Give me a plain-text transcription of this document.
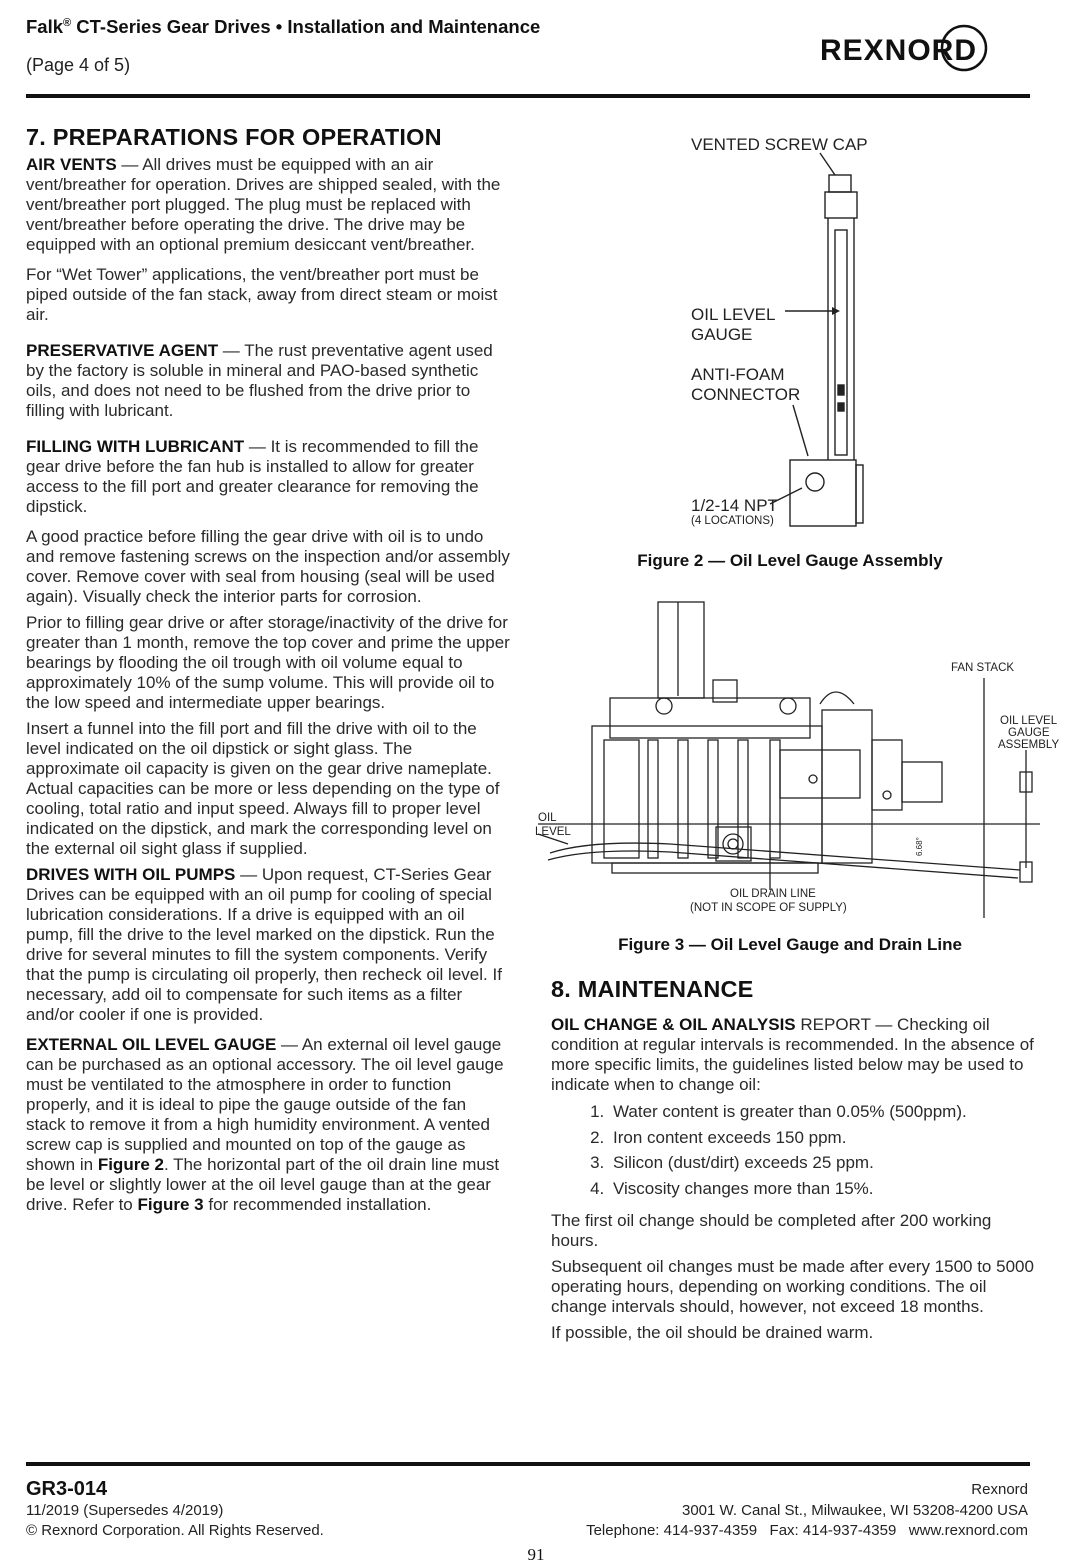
Falk® CT-Series Gear Drives • Installation and Maintenance
(Page 4 of 5)	REXNORD
7. PREPARATIONS FOR OPERATION

AIR VENTS — All drives must be equipped with an air vent/breather for operation. Drives are shipped sealed, with the vent/breather port plugged. The plug must be replaced with vent/breather before operating the drive. The drive may be equipped with an optional premium desiccant vent/breather.

For “Wet Tower” applications, the vent/breather port must be piped outside of the fan stack, away from direct steam or moist air.

PRESERVATIVE AGENT — The rust preventative agent used by the factory is soluble in mineral and PAO-based synthetic oils, and does not need to be flushed from the drive prior to filling with lubricant.

FILLING WITH LUBRICANT — It is recommended to fill the gear drive before the fan hub is installed to allow for greater access to the fill port and greater clearance for removing the dipstick.

A good practice before filling the gear drive with oil is to undo and remove fastening screws on the inspection and/or assembly cover. Remove cover with seal from housing (seal will be used again). Visually check the interior parts for corrosion.

Prior to filling gear drive or after storage/inactivity of the drive for greater than 1 month, remove the top cover and prime the upper bearings by flooding the oil trough with oil volume equal to approximately 10% of the sump volume. This will provide oil to the low speed and intermediate upper bearings.

Insert a funnel into the fill port and fill the drive with oil to the level indicated on the oil dipstick or sight glass. The approximate oil capacity is given on the gear drive nameplate. Actual capacities can be more or less depending on the type of cooling, total ratio and input speed. Always fill to proper level indicated on the dipstick, and mark the corresponding level on the external oil sight glass if supplied.

DRIVES WITH OIL PUMPS — Upon request, CT-Series Gear Drives can be equipped with an oil pump for cooling of special lubrication considerations. If a drive is equipped with an oil pump, fill the drive to the level marked on the dipstick. Run the drive for several minutes to fill the system components. Verify that the pump is circulating oil properly, then recheck oil level. If necessary, add oil to compensate for such items as a filter and/or cooler if one is provided.

EXTERNAL OIL LEVEL GAUGE — An external oil level gauge can be purchased as an optional accessory. The oil level gauge must be ventilated to the atmosphere in order to function properly, and it is ideal to pipe the gauge outside of the fan stack to remove it from a high humidity environment. A vented screw cap is supplied and mounted on top of the gauge as shown in Figure 2. The horizontal part of the oil drain line must be level or slightly lower at the oil level gauge than at the gear drive. Refer to Figure 3 for recommended installation.

VENTED SCREW CAP
OIL LEVEL
GAUGE
ANTI-FOAM
CONNECTOR
1/2-14 NPT
(4 LOCATIONS)
Figure 2 — Oil Level Gauge Assembly
FAN STACK
OIL LEVEL
GAUGE
ASSEMBLY
OIL
LEVEL
OIL DRAIN LINE
(NOT IN SCOPE OF SUPPLY)
6.68°
Figure 3 — Oil Level Gauge and Drain Line
8. MAINTENANCE

OIL CHANGE & OIL ANALYSIS REPORT — Checking oil condition at regular intervals is recommended. In the absence of more specific limits, the guidelines listed below may be used to indicate when to change oil:

1. Water content is greater than 0.05% (500ppm).
2. Iron content exceeds 150 ppm.
3. Silicon (dust/dirt) exceeds 25 ppm.
4. Viscosity changes more than 15%.

The first oil change should be completed after 200 working hours.

Subsequent oil changes must be made after every 1500 to 5000 operating hours, depending on working conditions. The oil change intervals should, however, not exceed 18 months.

If possible, the oil should be drained warm.

GR3-014
11/2019 (Supersedes 4/2019)
© Rexnord Corporation. All Rights Reserved.
Rexnord
3001 W. Canal St., Milwaukee, WI 53208-4200 USA
Telephone: 414-937-4359   Fax: 414-937-4359   www.rexnord.com
91
